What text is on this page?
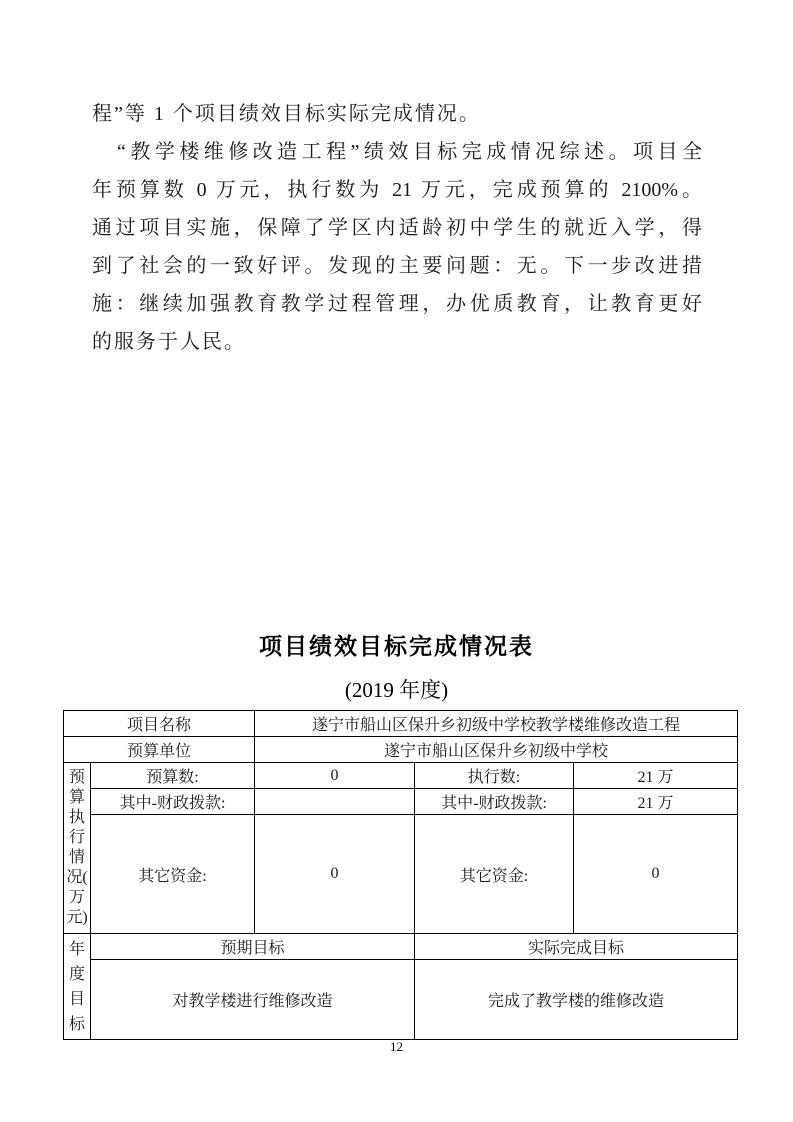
程”等 1 个项目绩效目标实际完成情况。
“教学楼维修改造工程”绩效目标完成情况综述。项目全
年预算数 0 万元，执行数为 21 万元，完成预算的 2100%。
通过项目实施，保障了学区内适龄初中学生的就近入学，得
到了社会的一致好评。发现的主要问题：无。下一步改进措
施：继续加强教育教学过程管理，办优质教育，让教育更好
的服务于人民。
项目绩效目标完成情况表
(2019 年度)
项目名称		遂宁市船山区保升乡初级中学校教学楼维修改造工程		
预算单位		遂宁市船山区保升乡初级中学校		
预算执行情况(万元)	预算数:	0	执行数:	21 万
	其中-财政拨款:		其中-财政拨款:	21 万
	其它资金:	0	其它资金:	0
年度目标	预期目标		实际完成目标	
	对教学楼进行维修改造		完成了教学楼的维修改造	
12
